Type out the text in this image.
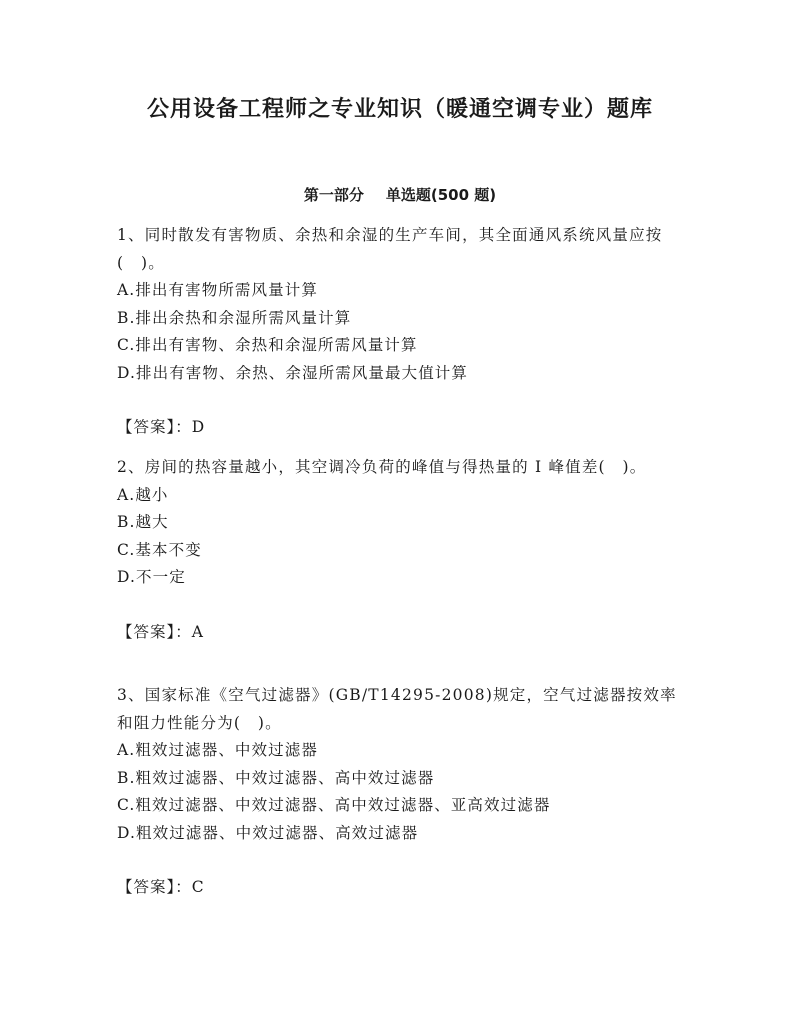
公用设备工程师之专业知识（暖通空调专业）题库
第一部分 单选题(500 题)

1、同时散发有害物质、余热和余湿的生产车间，其全面通风系统风量应按(　)。

A.排出有害物所需风量计算

B.排出余热和余湿所需风量计算

C.排出有害物、余热和余湿所需风量计算

D.排出有害物、余热、余湿所需风量最大值计算

【答案】：D

2、房间的热容量越小，其空调冷负荷的峰值与得热量的 I 峰值差(　)。

A.越小

B.越大

C.基本不变

D.不一定

【答案】：A

3、国家标准《空气过滤器》(GB/T14295-2008)规定，空气过滤器按效率和阻力性能分为(　)。

A.粗效过滤器、中效过滤器

B.粗效过滤器、中效过滤器、高中效过滤器

C.粗效过滤器、中效过滤器、高中效过滤器、亚高效过滤器

D.粗效过滤器、中效过滤器、高效过滤器

【答案】：C
